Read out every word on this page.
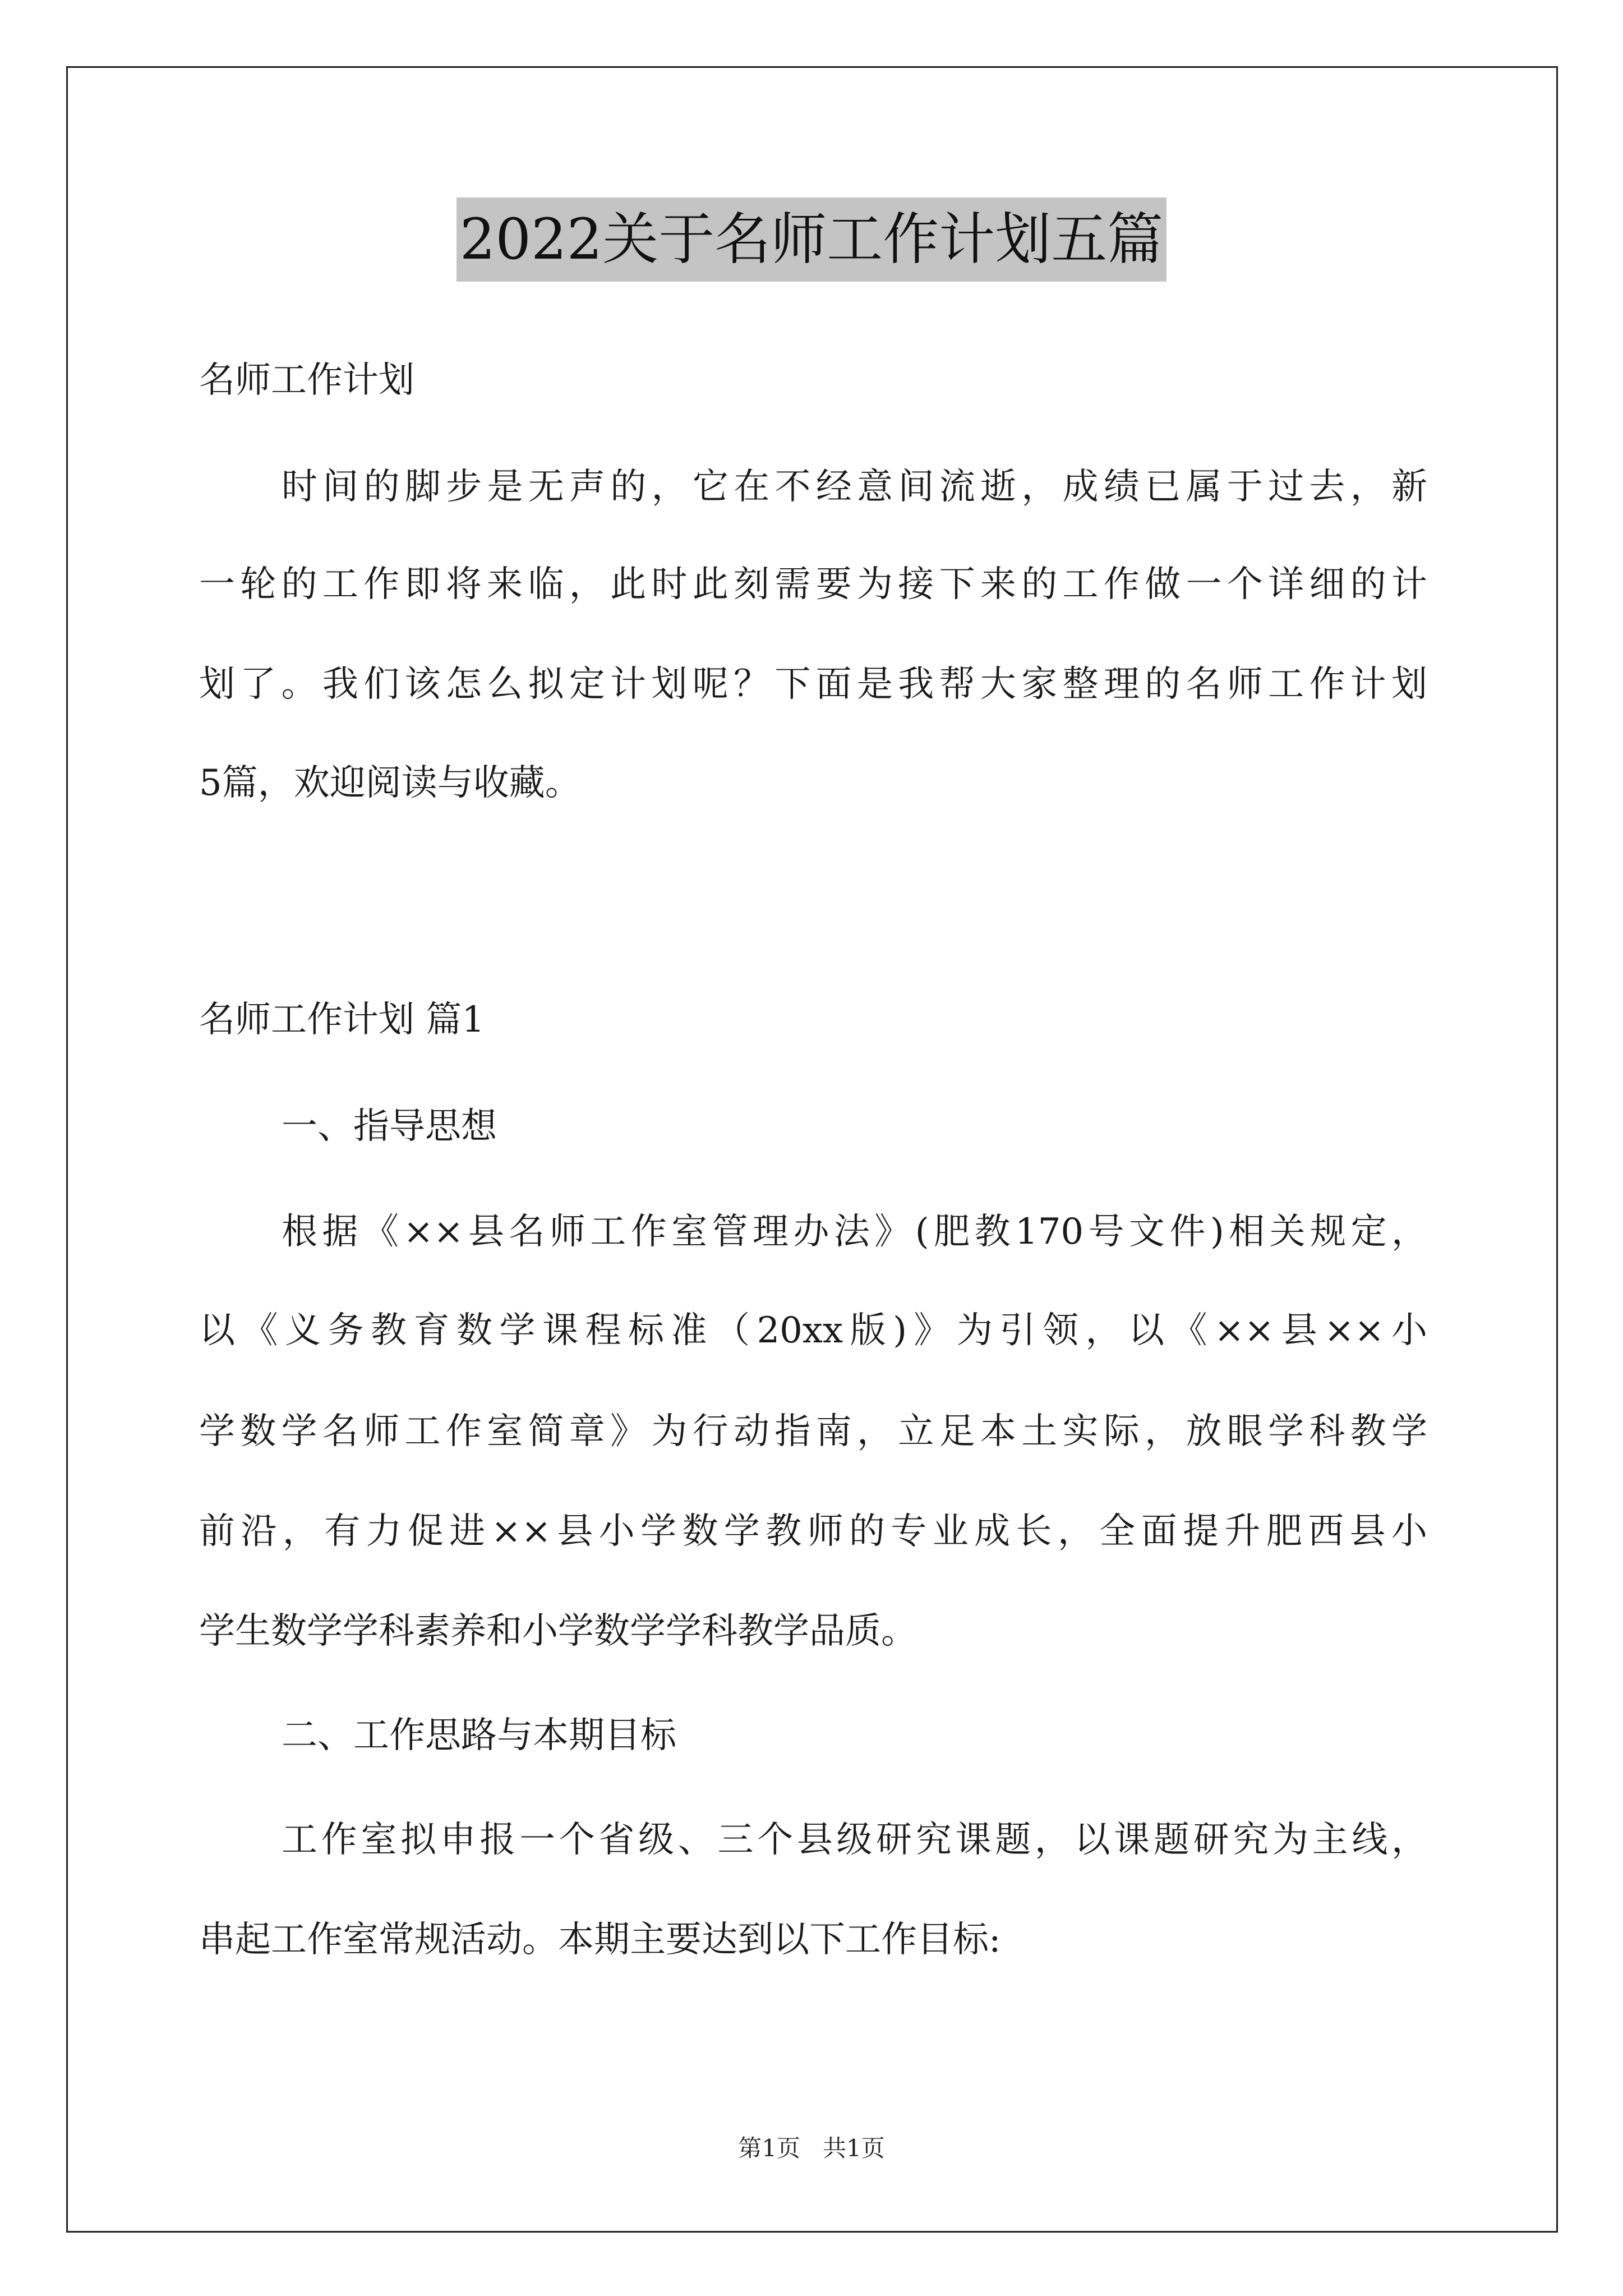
2022关于名师工作计划五篇
名师工作计划
时间的脚步是无声的，它在不经意间流逝，成绩已属于过去，新
一轮的工作即将来临，此时此刻需要为接下来的工作做一个详细的计
划了。我们该怎么拟定计划呢？下面是我帮大家整理的名师工作计划
5篇，欢迎阅读与收藏。
名师工作计划 篇1
一、指导思想
根据《××县名师工作室管理办法》(肥教170号文件)相关规定，
以《义务教育数学课程标准（20xx版)》为引领，以《××县××小
学数学名师工作室简章》为行动指南，立足本土实际，放眼学科教学
前沿，有力促进××县小学数学教师的专业成长，全面提升肥西县小
学生数学学科素养和小学数学学科教学品质。
二、工作思路与本期目标
工作室拟申报一个省级、三个县级研究课题，以课题研究为主线，
串起工作室常规活动。本期主要达到以下工作目标:
第1页 共1页
